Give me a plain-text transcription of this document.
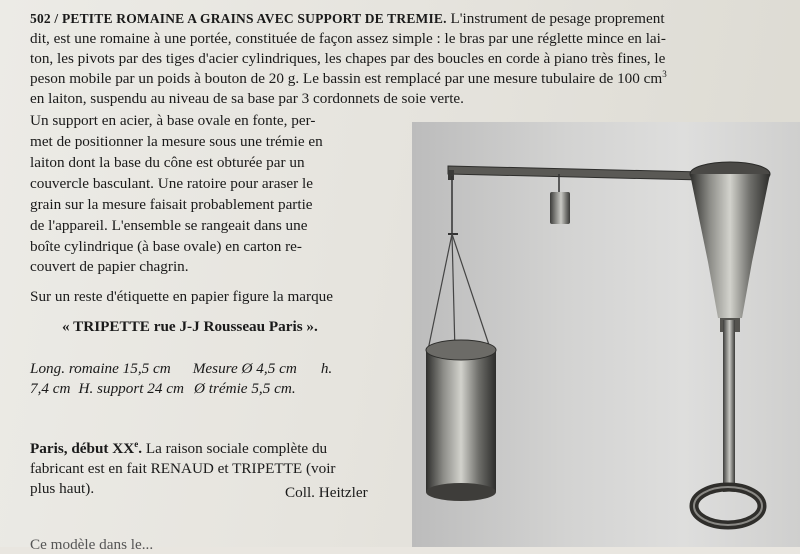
502 / PETITE ROMAINE A GRAINS AVEC SUPPORT DE TREMIE. L'instrument de pesage proprement
dit, est une romaine à une portée, constituée de façon assez simple : le bras par une réglette mince en lai-
ton, les pivots par des tiges d'acier cylindriques, les chapes par des boucles en corde à piano très fines, le
peson mobile par un poids à bouton de 20 g. Le bassin est remplacé par une mesure tubulaire de 100 $cm^3$
en laiton, suspendu au niveau de sa base par 3 cordonnets de soie verte.
Un support en acier, à base ovale en fonte, per-
met de positionner la mesure sous une trémie en
laiton dont la base du cône est obturée par un
couvercle basculant. Une ratoire pour araser le
grain sur la mesure faisait probablement partie
de l'appareil. L'ensemble se rangeait dans une
boîte cylindrique (à base ovale) en carton re-
couvert de papier chagrin.
Sur un reste d'étiquette en papier figure la marque
« TRIPETTE rue J-J Rousseau Paris ».
Long. romaine 15,5 cm Mesure Ø 4,5 cm h.
7,4 cm H. support 24 cm Ø trémie 5,5 cm.
Paris, début XXe. La raison sociale complète du
fabricant est en fait RENAUD et TRIPETTE (voir
plus haut).	Coll. Heitzler
Ce modèle dans le...
